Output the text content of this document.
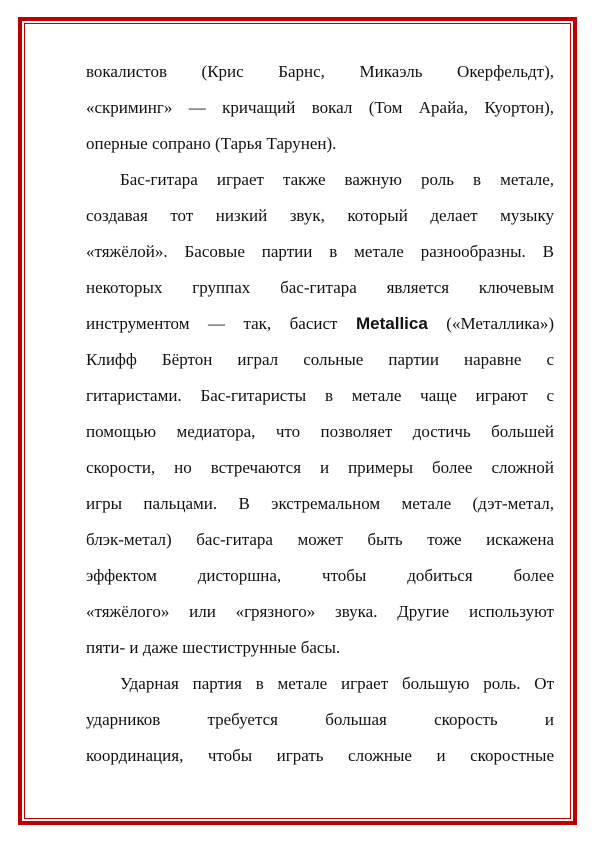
вокалистов (Крис Барнс, Микаэль Окерфельдт),
«скриминг» — кричащий вокал (Том Арайа, Куортон),
оперные сопрано (Тарья Тарунен).
Бас-гитара играет также важную роль в метале,
создавая тот низкий звук, который делает музыку
«тяжёлой». Басовые партии в метале разнообразны. В
некоторых группах бас-гитара является ключевым
инструментом — так, басист Metallica («Металлика»)
Клифф Бёртон играл сольные партии наравне с
гитаристами. Бас-гитаристы в метале чаще играют с
помощью медиатора, что позволяет достичь большей
скорости, но встречаются и примеры более сложной
игры пальцами. В экстремальном метале (дэт-метал,
блэк-метал) бас-гитара может быть тоже искажена
эффектом дисторшна, чтобы добиться более
«тяжёлого» или «грязного» звука. Другие используют
пяти- и даже шестиструнные басы.
Ударная партия в метале играет большую роль. От
ударников требуется большая скорость и
координация, чтобы играть сложные и скоростные
